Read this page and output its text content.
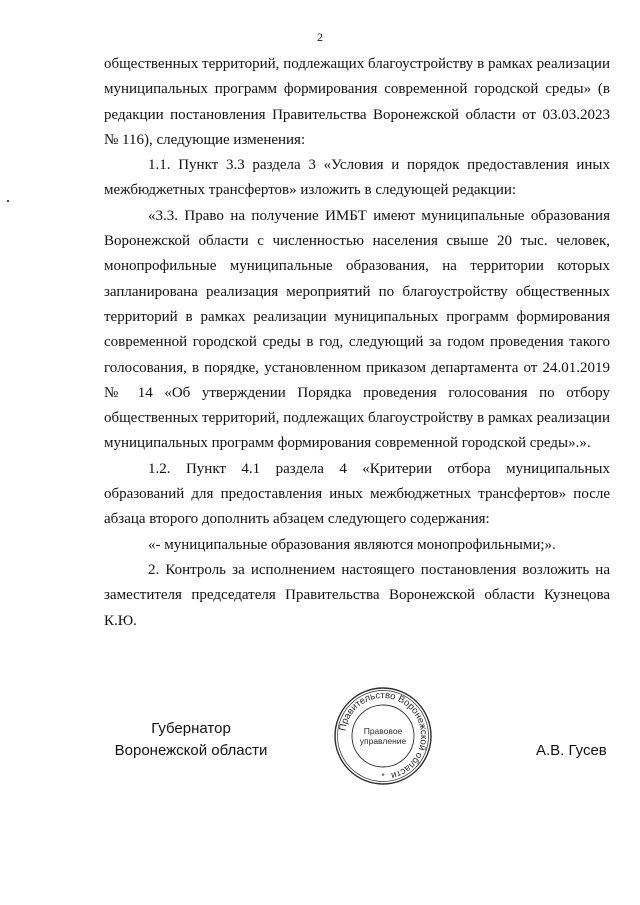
2

общественных территорий, подлежащих благоустройству в рамках реализации муниципальных программ формирования современной городской среды» (в редакции постановления Правительства Воронежской области от 03.03.2023 № 116), следующие изменения:

1.1. Пункт 3.3 раздела 3 «Условия и порядок предоставления иных межбюджетных трансфертов» изложить в следующей редакции:

«3.3. Право на получение ИМБТ имеют муниципальные образования Воронежской области с численностью населения свыше 20 тыс. человек, монопрофильные муниципальные образования, на территории которых запланирована реализация мероприятий по благоустройству общественных территорий в рамках реализации муниципальных программ формирования современной городской среды в год, следующий за годом проведения такого голосования, в порядке, установленном приказом департамента от 24.01.2019 № 14 «Об утверждении Порядка проведения голосования по отбору общественных территорий, подлежащих благоустройству в рамках реализации муниципальных программ формирования современной городской среды».».

1.2. Пункт 4.1 раздела 4 «Критерии отбора муниципальных образований для предоставления иных межбюджетных трансфертов» после абзаца второго дополнить абзацем следующего содержания:

«- муниципальные образования являются монопрофильными;».

2. Контроль за исполнением настоящего постановления возложить на заместителя председателя Правительства Воронежской области Кузнецова К.Ю.

Губернатор
Воронежской области
Правительство Воронежской области
Правовое
управление
*
А.В. Гусев
